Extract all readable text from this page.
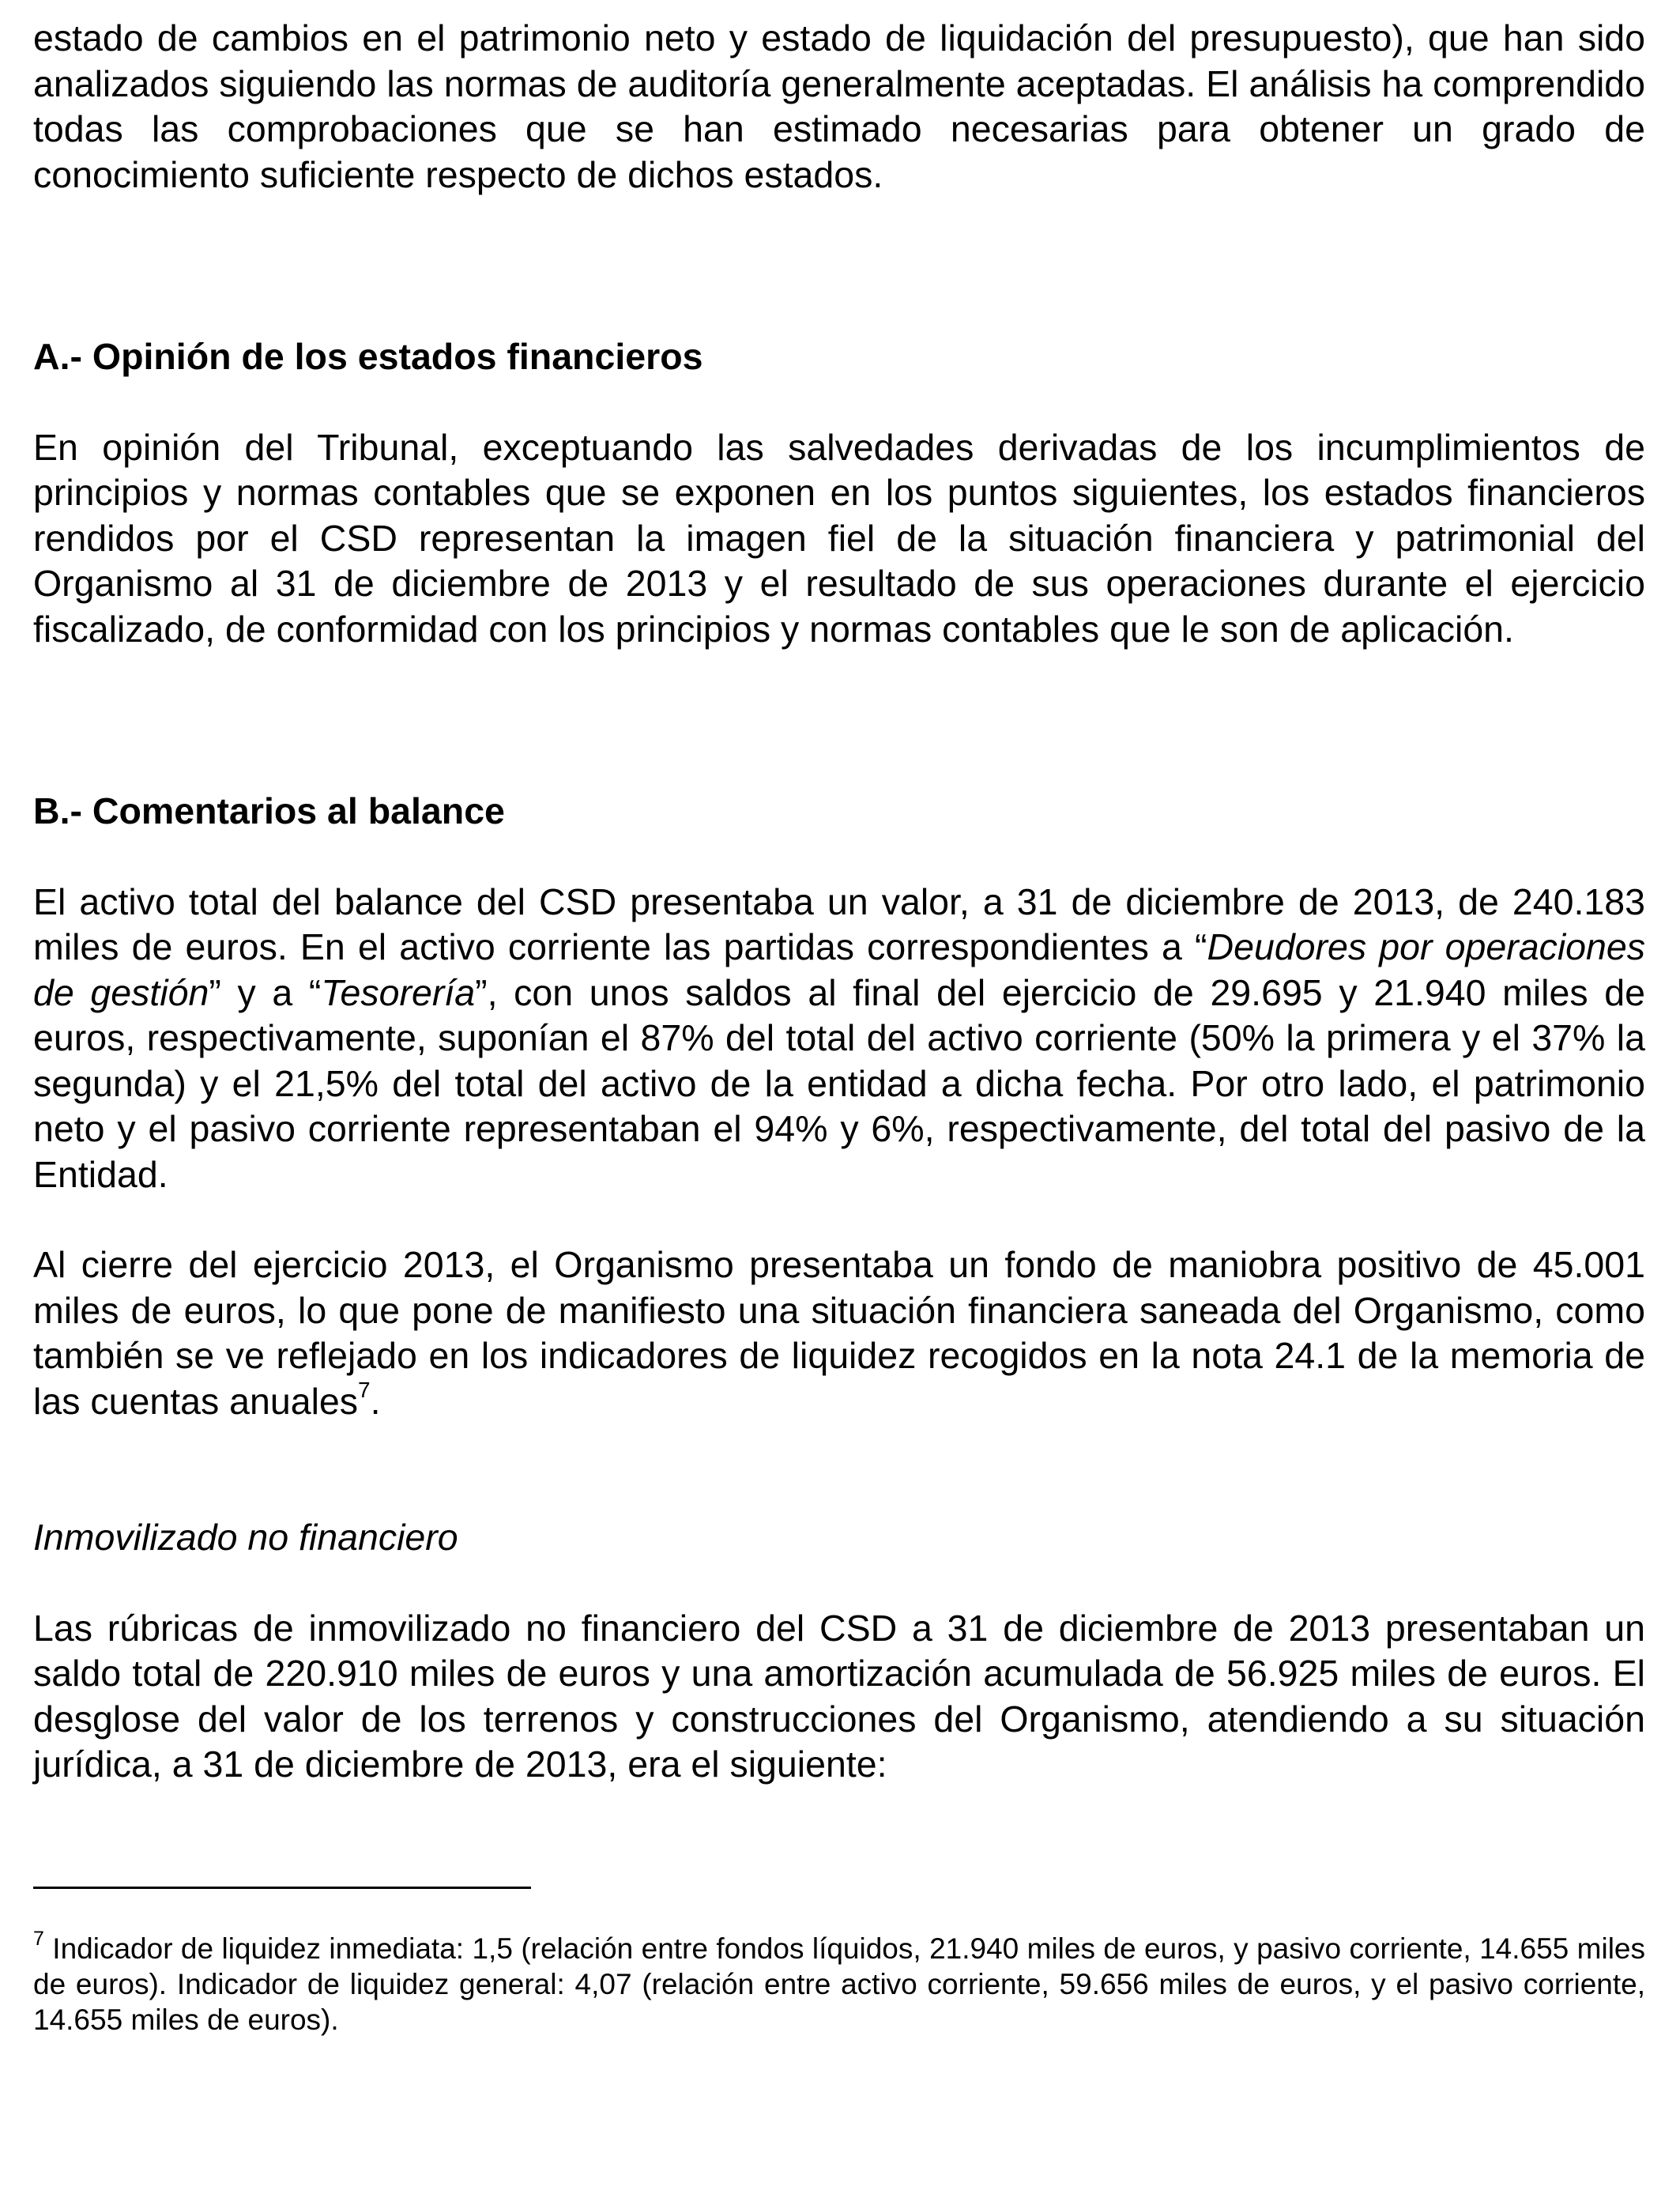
estado de cambios en el patrimonio neto y estado de liquidación del presupuesto), que han sido analizados siguiendo las normas de auditoría generalmente aceptadas. El análisis ha comprendido todas las comprobaciones que se han estimado necesarias para obtener un grado de conocimiento suficiente respecto de dichos estados.

A.- Opinión de los estados financieros

En opinión del Tribunal, exceptuando las salvedades derivadas de los incumplimientos de principios y normas contables que se exponen en los puntos siguientes, los estados financieros rendidos por el CSD representan la imagen fiel de la situación financiera y patrimonial del Organismo al 31 de diciembre de 2013 y el resultado de sus operaciones durante el ejercicio fiscalizado, de conformidad con los principios y normas contables que le son de aplicación.

B.- Comentarios al balance

El activo total del balance del CSD presentaba un valor, a 31 de diciembre de 2013, de 240.183 miles de euros. En el activo corriente las partidas correspondientes a “Deudores por operaciones de gestión” y a “Tesorería”, con unos saldos al final del ejercicio de 29.695 y 21.940 miles de euros, respectivamente, suponían el 87% del total del activo corriente (50% la primera y el 37% la segunda) y el 21,5% del total del activo de la entidad a dicha fecha. Por otro lado, el patrimonio neto y el pasivo corriente representaban el 94% y 6%, respectivamente, del total del pasivo de la Entidad.

Al cierre del ejercicio 2013, el Organismo presentaba un fondo de maniobra positivo de 45.001 miles de euros, lo que pone de manifiesto una situación financiera saneada del Organismo, como también se ve reflejado en los indicadores de liquidez recogidos en la nota 24.1 de la memoria de las cuentas anuales$^7$.

Inmovilizado no financiero

Las rúbricas de inmovilizado no financiero del CSD a 31 de diciembre de 2013 presentaban un saldo total de 220.910 miles de euros y una amortización acumulada de 56.925 miles de euros. El desglose del valor de los terrenos y construcciones del Organismo, atendiendo a su situación jurídica, a 31 de diciembre de 2013, era el siguiente:

$^7$ Indicador de liquidez inmediata: 1,5 (relación entre fondos líquidos, 21.940 miles de euros, y pasivo corriente, 14.655 miles de euros). Indicador de liquidez general: 4,07 (relación entre activo corriente, 59.656 miles de euros, y el pasivo corriente, 14.655 miles de euros).
